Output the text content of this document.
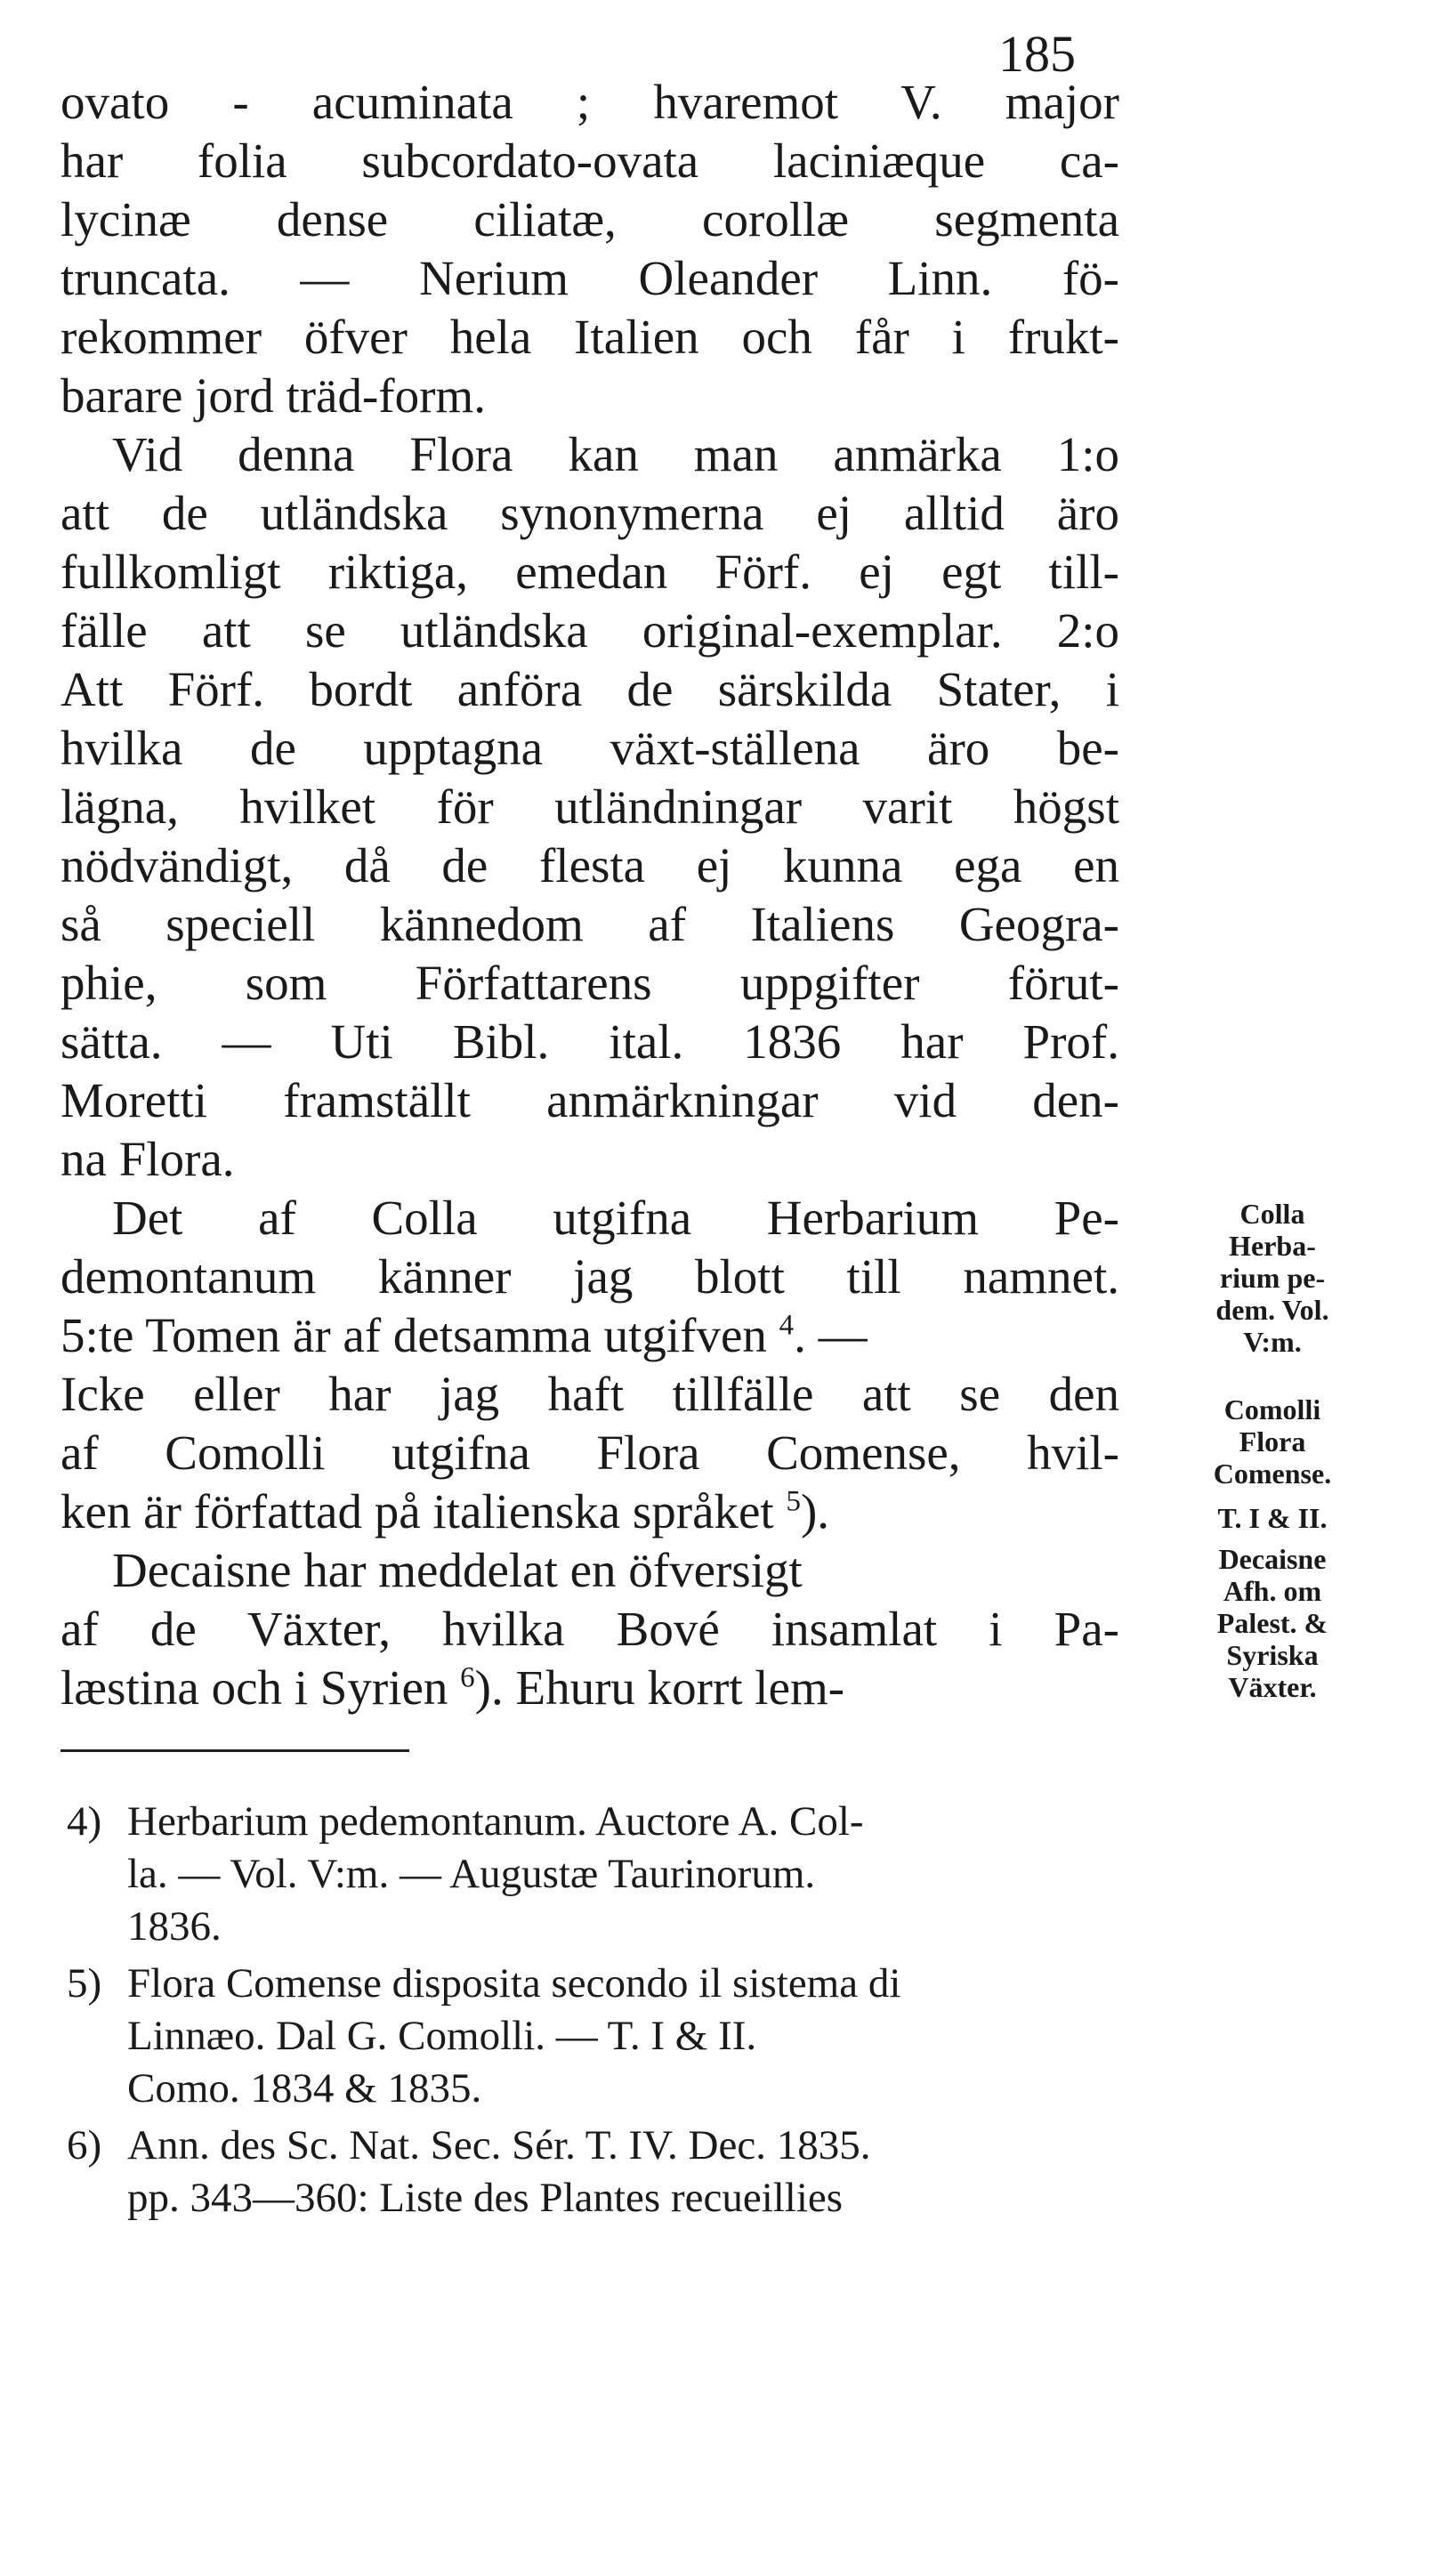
185
ovato - acuminata ; hvaremot V. major
har folia subcordato-ovata laciniæque ca-
lycinæ dense ciliatæ, corollæ segmenta
truncata. — Nerium Oleander Linn. fö-
rekommer öfver hela Italien och får i frukt-
barare jord träd-form.
Vid denna Flora kan man anmärka 1:o
att de utländska synonymerna ej alltid äro
fullkomligt riktiga, emedan Förf. ej egt till-
fälle att se utländska original-exemplar. 2:o
Att Förf. bordt anföra de särskilda Stater, i
hvilka de upptagna växt-ställena äro be-
lägna, hvilket för utländningar varit högst
nödvändigt, då de flesta ej kunna ega en
så speciell kännedom af Italiens Geogra-
phie, som Författarens uppgifter förut-
sätta. — Uti Bibl. ital. 1836 har Prof.
Moretti framställt anmärkningar vid den-
na Flora.
Det af Colla utgifna Herbarium Pe-
demontanum känner jag blott till namnet.
5:te Tomen är af detsamma utgifven $^4$. —
Icke eller har jag haft tillfälle att se den
af Comolli utgifna Flora Comense, hvil-
ken är författad på italienska språket $^5$).
Decaisne har meddelat en öfversigt
af de Växter, hvilka Bové insamlat i Pa-
læstina och i Syrien $^6$). Ehuru korrt lem-
Colla
Herba-
rium pe-
dem. Vol.
V:m.
Comolli
Flora
Comense.
T. I & II.
Decaisne
Afh. om
Palest. &
Syriska
Växter.
4) Herbarium pedemontanum. Auctore A. Col-
la. — Vol. V:m. — Augustæ Taurinorum.
1836.
5) Flora Comense disposita secondo il sistema di
Linnæo. Dal G. Comolli. — T. I & II.
Como. 1834 & 1835.
6) Ann. des Sc. Nat. Sec. Sér. T. IV. Dec. 1835.
pp. 343—360: Liste des Plantes recueillies
